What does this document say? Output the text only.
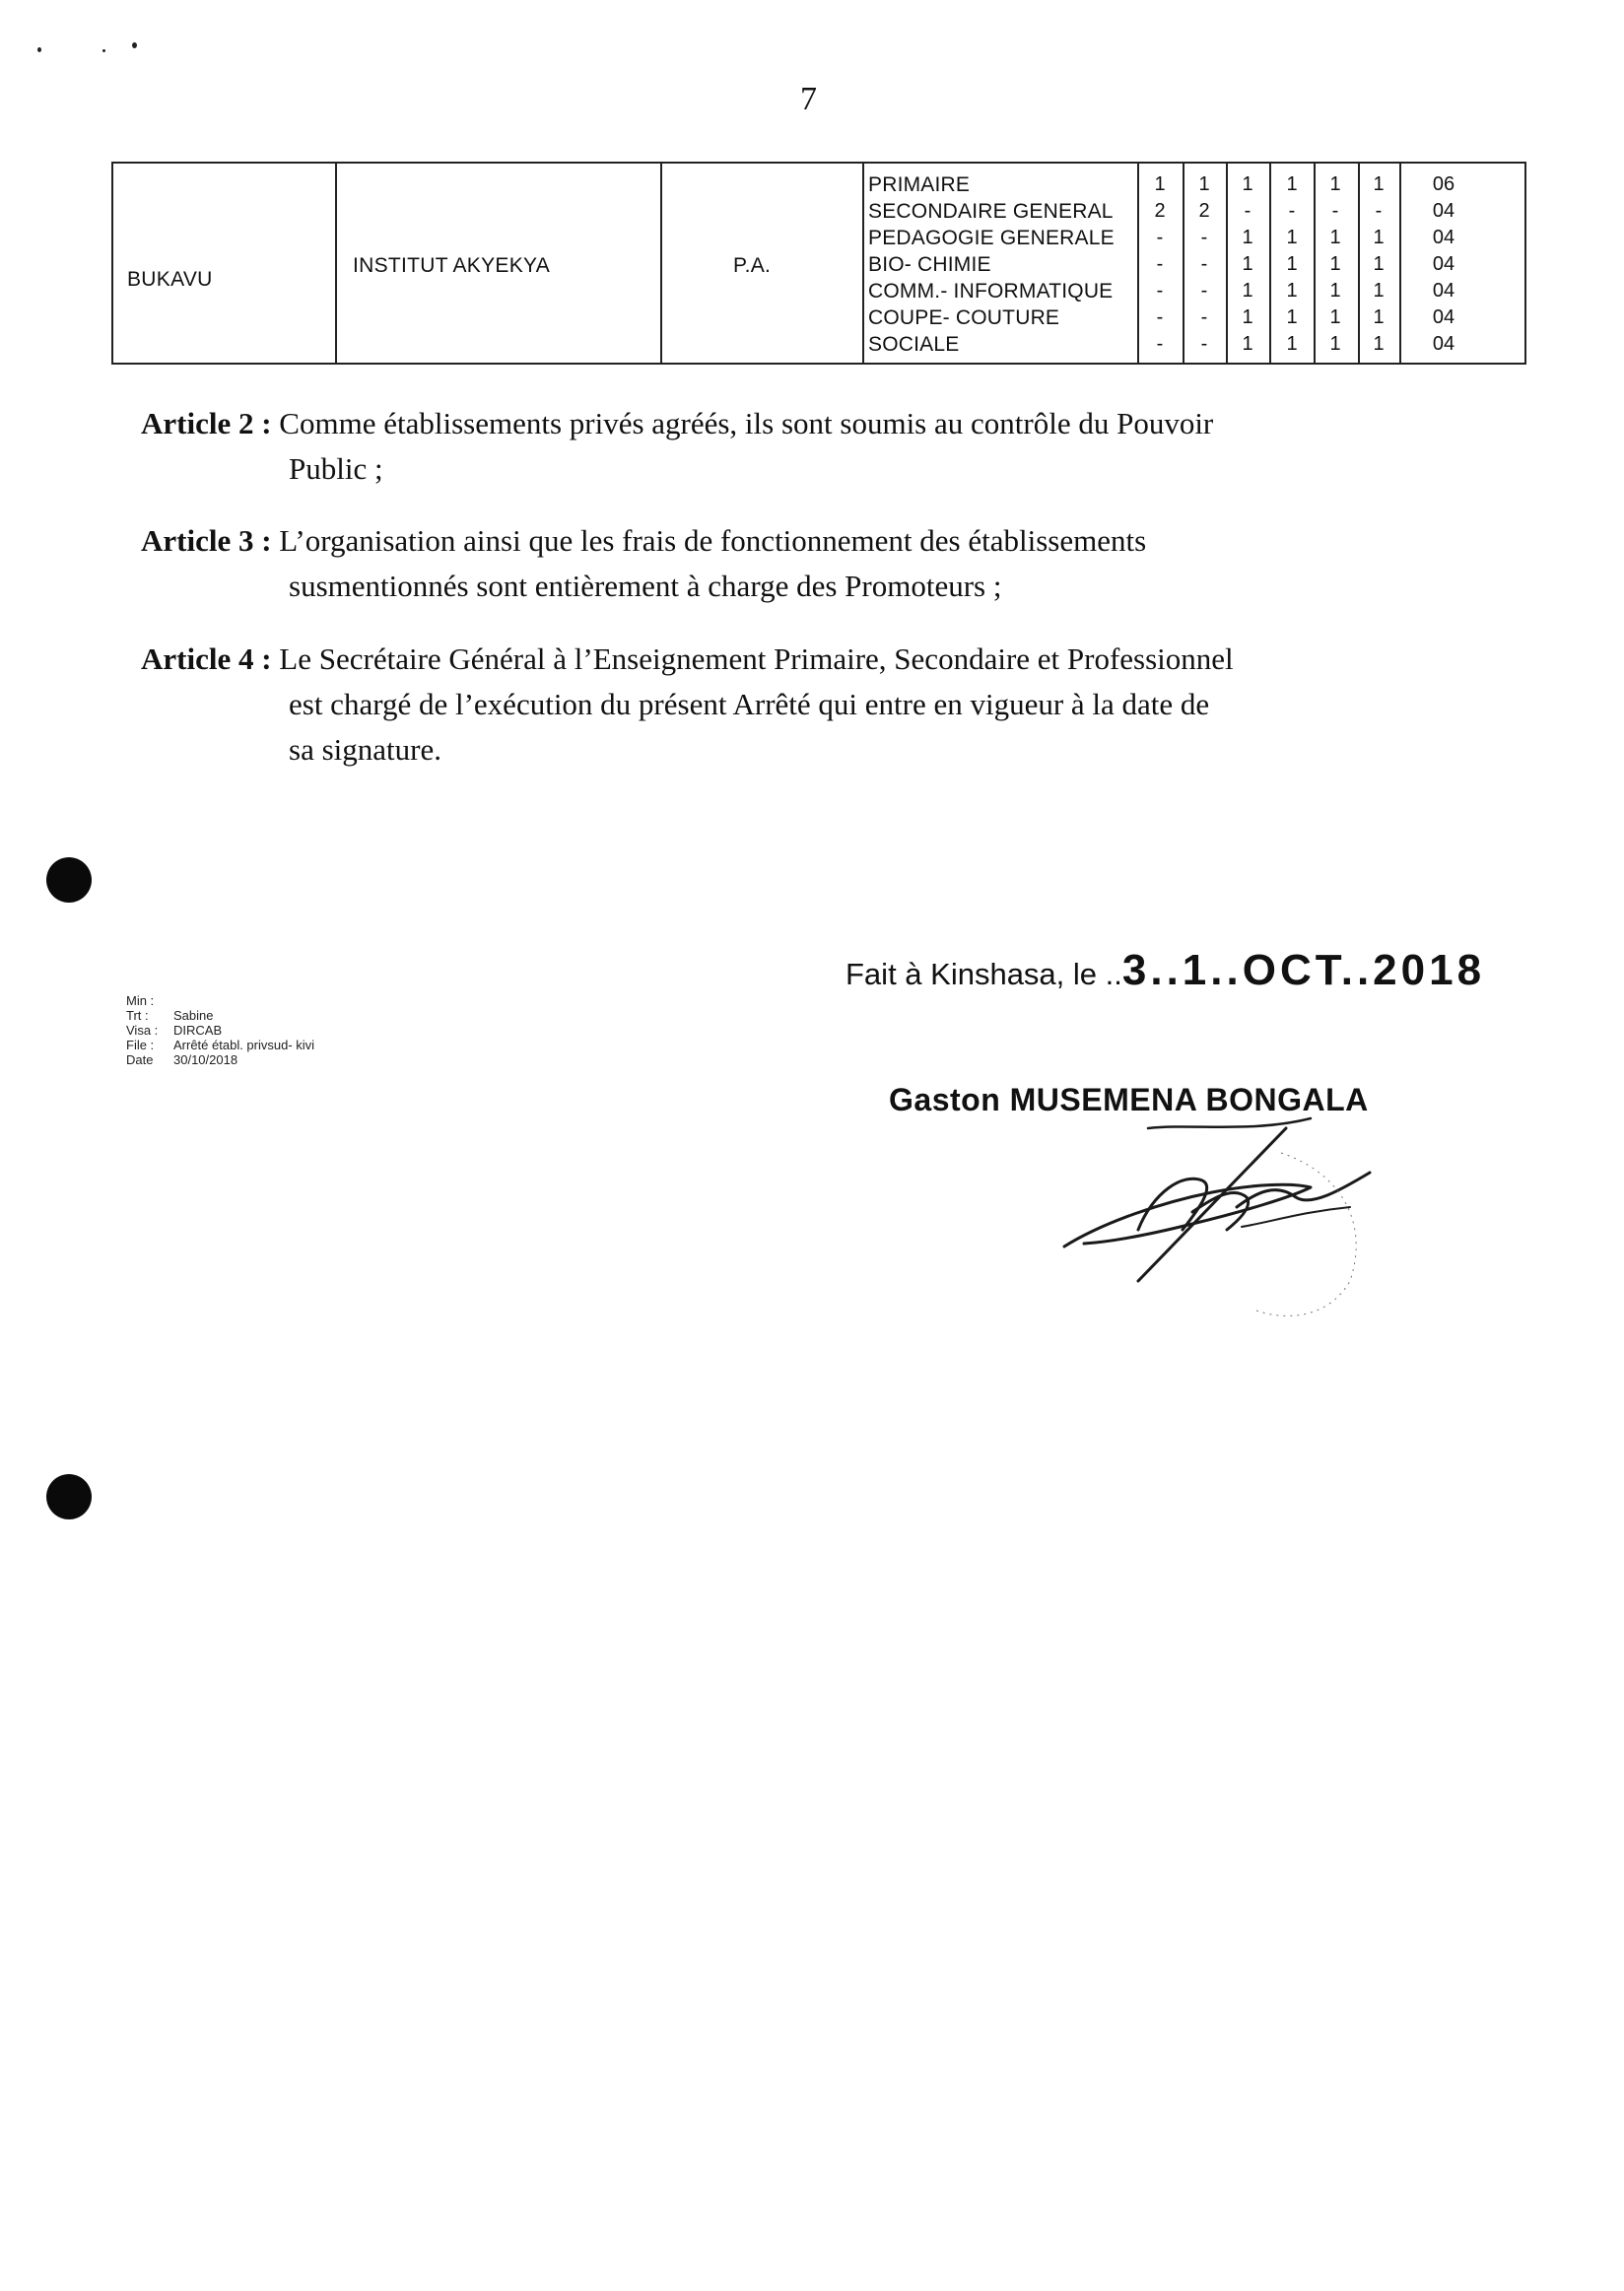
7
BUKAVU
INSTITUT AKYEKYA	P.A.
PRIMAIRE	1	1	1	1	1	1	06
SECONDAIRE GENERAL	2	2	-	-	-	-	04
PEDAGOGIE GENERALE	-	-	1	1	1	1	04
BIO- CHIMIE	-	-	1	1	1	1	04
COMM.- INFORMATIQUE	-	-	1	1	1	1	04
COUPE- COUTURE	-	-	1	1	1	1	04
SOCIALE	-	-	1	1	1	1	04
Article 2 : Comme établissements privés agréés, ils sont soumis au contrôle du Pouvoir
Public ;
Article 3 : L’organisation ainsi que les frais de fonctionnement des établissements
susmentionnés sont entièrement à charge des Promoteurs ;
Article 4 : Le Secrétaire Général à l’Enseignement Primaire, Secondaire et Professionnel
est chargé de l’exécution du présent Arrêté qui entre en vigueur à la date de
sa signature.
Fait à Kinshasa, le ..3..1..OCT..2018
Min :
Trt : Sabine
Visa : DIRCAB
File : Arrêté établ. privsud- kivi
Date 30/10/2018
Gaston MUSEMENA BONGALA
